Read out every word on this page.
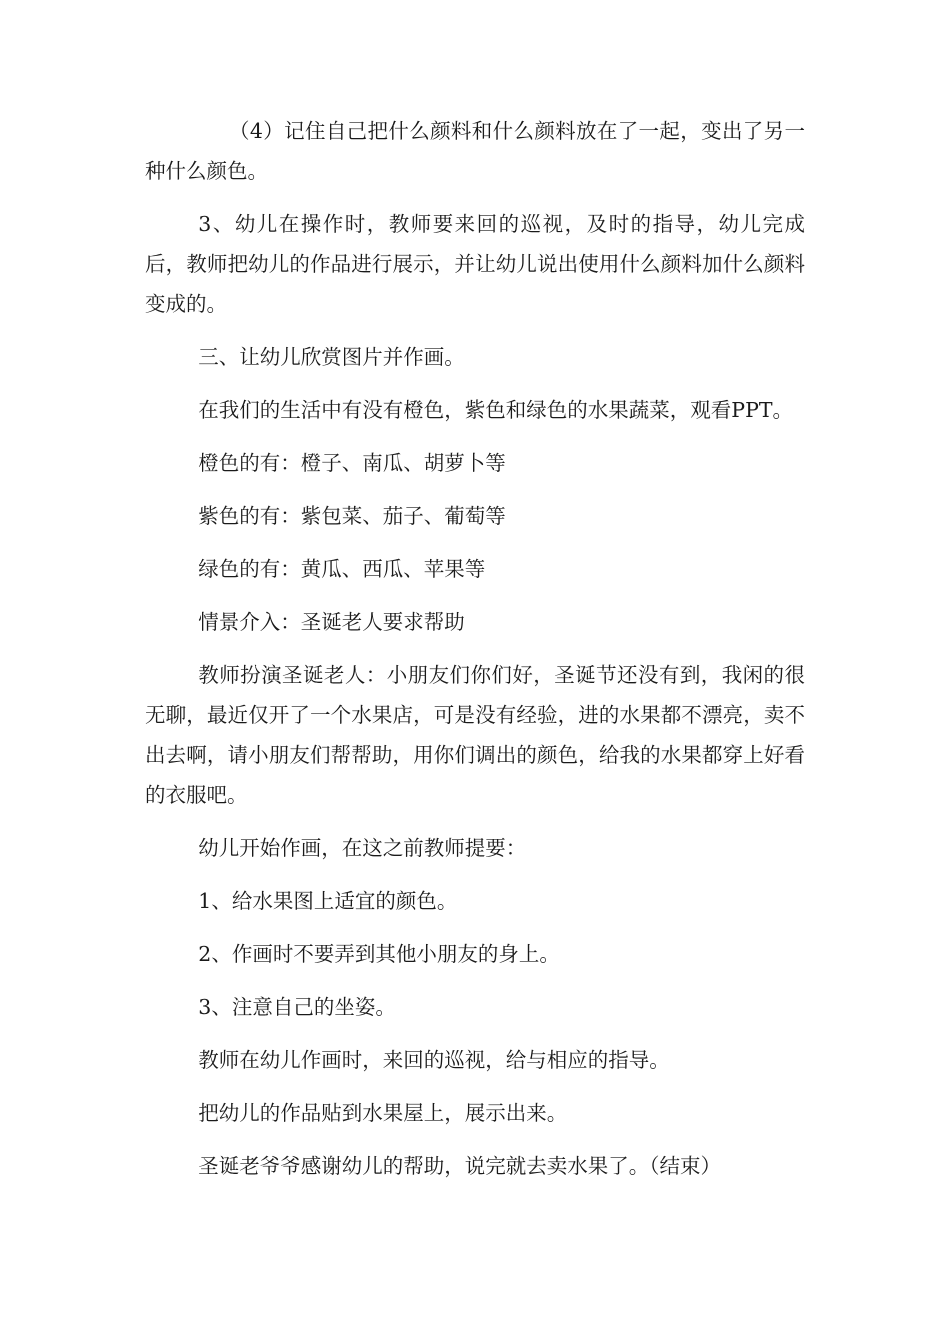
（4）记住自己把什么颜料和什么颜料放在了一起，变出了另一种什么颜色。

3、幼儿在操作时，教师要来回的巡视，及时的指导，幼儿完成后，教师把幼儿的作品进行展示，并让幼儿说出使用什么颜料加什么颜料变成的。

三、让幼儿欣赏图片并作画。

在我们的生活中有没有橙色，紫色和绿色的水果蔬菜，观看PPT。

橙色的有：橙子、南瓜、胡萝卜等

紫色的有：紫包菜、茄子、葡萄等

绿色的有：黄瓜、西瓜、苹果等

情景介入：圣诞老人要求帮助

教师扮演圣诞老人：小朋友们你们好，圣诞节还没有到，我闲的很无聊，最近仅开了一个水果店，可是没有经验，进的水果都不漂亮，卖不出去啊，请小朋友们帮帮助，用你们调出的颜色，给我的水果都穿上好看的衣服吧。

幼儿开始作画，在这之前教师提要：

1、给水果图上适宜的颜色。

2、作画时不要弄到其他小朋友的身上。

3、注意自己的坐姿。

教师在幼儿作画时，来回的巡视，给与相应的指导。

把幼儿的作品贴到水果屋上，展示出来。

圣诞老爷爷感谢幼儿的帮助，说完就去卖水果了。（结束）
